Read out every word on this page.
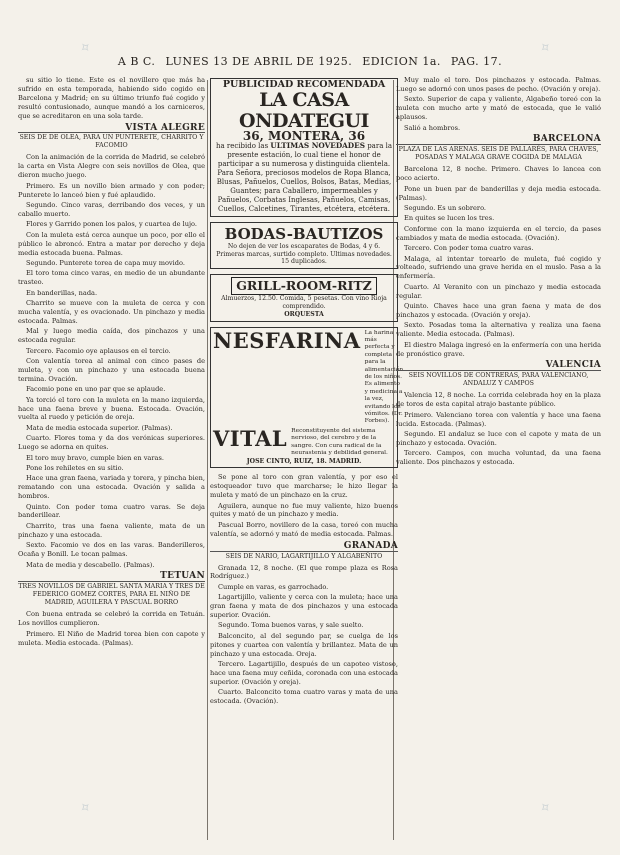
A B C. LUNES 13 DE ABRIL DE 1925. EDICION 1a. PAG. 17.

su sitio lo tiene. Este es el novillero que más ha sufrido en esta temporada, habiendo sido cogido en Barcelona y Madrid; en su último triunfo fué cogido y resultó contusionado, aunque mandó a los carniceros, que se acreditaron en una sola tarde.

VISTA ALEGRE
SEIS DE DE OLEA, PARA UN PUNTERETE, CHARRITO Y FACOMIO

Con la animación de la corrida de Madrid, se celebró la carta en Vista Alegre con seis novillos de Olea, que dieron mucho juego.

Primero. Es un novillo bien armado y con poder; Punterete lo lanceó bien y fué aplaudido.

Segundo. Cinco varas, derribando dos veces, y un caballo muerto.

Flores y Garrido ponen los palos, y cuartea de lujo.

Con la muleta está cerca aunque un poco, por ello el público le abroncó. Entra a matar por derecho y deja media estocada buena. Palmas.

Segundo. Punterete torea de capa muy movido.

El toro toma cinco varas, en medio de un abundante trasteo.

En banderillas, nada.

Charrito se mueve con la muleta de cerca y con mucha valentía, y es ovacionado. Un pinchazo y media estocada. Palmas.

Mal y luego media caída, dos pinchazos y una estocada regular.

Tercero. Facomio oye aplausos en el tercio.

Con valentía torea al animal con cinco pases de muleta, y con un pinchazo y una estocada buena termina. Ovación.

Facomio pone en uno par que se aplaude.

Ya torció el toro con la muleta en la mano izquierda, hace una faena breve y buena. Estocada. Ovación, vuelta al ruedo y petición de oreja.

Mata de media estocada superior. (Palmas).

Cuarto. Flores toma y da dos verónicas superiores. Luego se adorna en quites.

El toro muy bravo, cumple bien en varas.

Pone los rehiletes en su sitio.

Hace una gran faena, variada y torera, y pincha bien, rematando con una estocada. Ovación y salida a hombros.

Quinto. Con poder toma cuatro varas. Se deja banderillear.

Charrito, tras una faena valiente, mata de un pinchazo y una estocada.

Sexto. Facomio ve dos en las varas. Banderilleros, Ocaña y Bonill. Le tocan palmas.

Mata de media y descabello. (Palmas).

TETUAN
TRES NOVILLOS DE GABRIEL SANTA MARIA Y TRES DE FEDERICO GOMEZ CORTES, PARA EL NIÑO DE MADRID, AGUILERA Y PASCUAL BORRO

Con buena entrada se celebró la corrida en Tetuán. Los novillos cumplieron.

Primero. El Niño de Madrid torea bien con capote y muleta. Media estocada. (Palmas).

PUBLICIDAD RECOMENDADA
LA CASA ONDATEGUI
36, MONTERA, 36
ha recibido las ULTIMAS NOVEDADES para la presente estación, lo cual tiene el honor de participar a su numerosa y distinguida clientela. Para Señora, preciosos modelos de Ropa Blanca, Blusas, Pañuelos, Cuellos, Bolsos, Batas, Medias, Guantes; para Caballero, impermeables y Pañuelos, Corbatas Inglesas, Pañuelos, Camisas, Cuellos, Calcetines, Tirantes, etcétera, etcétera.
BODAS-BAUTIZOS
No dejen de ver los escaparates de Bodas, 4 y 6. Primeras marcas, surtido completo. Ultimas novedades. 15 duplicados.
GRILL-ROOM-RITZ
Almuerzos, 12.50. Comida, 5 pesetas. Con vino Rioja comprendido.
ORQUESTA
NESFARINA La harina más perfecta y completa para la alimentación de los niños. Es alimento y medicina a la vez, evitando los vómitos. (Dr. Forbes).
VITAL Reconstituyente del sistema nervioso, del cerebro y de la sangre. Con cura radical de la neurastenia y debilidad general.
JOSE CINTO, RUIZ, 18. MADRID.

Se pone al toro con gran valentía, y por eso el estoqueador tuvo que marcharse; le hizo llegar la muleta y mató de un pinchazo en la cruz.

Aguilera, aunque no fue muy valiente, hizo buenos quites y mató de un pinchazo y media.

Pascual Borro, novillero de la casa, toreó con mucha valentía, se adornó y mató de media estocada. Palmas.

GRANADA
SEIS DE NARIO, LAGARTIJILLO Y ALGABEÑITO

Granada 12, 8 noche. (El que rompe plaza es Rosa Rodríguez.)

Cumple en varas, es garrochado.

Lagartijillo, valiente y cerca con la muleta; hace una gran faena y mata de dos pinchazos y una estocada superior. Ovación.

Segundo. Toma buenos varas, y sale suelto.

Balconcito, al del segundo par, se cuelga de los pitones y cuartea con valentía y brillantez. Mata de un pinchazo y una estocada. Oreja.

Tercero. Lagartijillo, después de un capoteo vistoso, hace una faena muy ceñida, coronada con una estocada superior. (Ovación y oreja).

Cuarto. Balconcito toma cuatro varas y mata de una estocada. (Ovación).

Muy malo el toro. Dos pinchazos y estocada. Palmas. Luego se adornó con unos pases de pecho. (Ovación y oreja).

Sexto. Superior de capa y valiente, Algabeño toreó con la muleta con mucho arte y mató de estocada, que le valió aplausos.

Salió a hombros.

BARCELONA
PLAZA DE LAS ARENAS. SEIS DE PALLARÉS, PARA CHAVES, POSADAS Y MALAGA GRAVE COGIDA DE MALAGA

Barcelona 12, 8 noche. Primero. Chaves lo lancea con poco acierto.

Pone un buen par de banderillas y deja media estocada. (Palmas).

Segundo. Es un sobrero.

En quites se lucen los tres.

Conforme con la mano izquierda en el tercio, da pases cambiados y mata de media estocada. (Ovación).

Tercero. Con poder toma cuatro varas.

Malaga, al intentar torearlo de muleta, fué cogido y volteado, sufriendo una grave herida en el muslo. Pasa a la enfermería.

Cuarto. Al Veranito con un pinchazo y media estocada regular.

Quinto. Chaves hace una gran faena y mata de dos pinchazos y estocada. (Ovación y oreja).

Sexto. Posadas toma la alternativa y realiza una faena valiente. Media estocada. (Palmas).

El diestro Malaga ingresó en la enfermería con una herida de pronóstico grave.

VALENCIA
SEIS NOVILLOS DE CONTRERAS, PARA VALENCIANO, ANDALUZ Y CAMPOS

Valencia 12, 8 noche. La corrida celebrada hoy en la plaza de toros de esta capital atrajo bastante público.

Primero. Valenciano torea con valentía y hace una faena lucida. Estocada. (Palmas).

Segundo. El andaluz se luce con el capote y mata de un pinchazo y estocada. Ovación.

Tercero. Campos, con mucha voluntad, da una faena valiente. Dos pinchazos y estocada.

✧	✧
✧	✧
